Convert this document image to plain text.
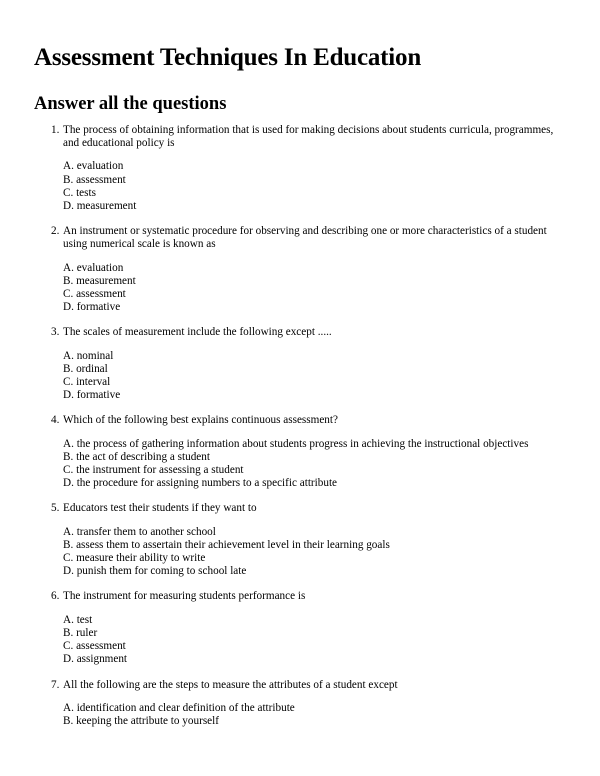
Assessment Techniques In Education
Answer all the questions
1. The process of obtaining information that is used for making decisions about students curricula, programmes, and educational policy is
A. evaluation
B. assessment
C. tests
D. measurement
2. An instrument or systematic procedure for observing and describing one or more characteristics of a student using numerical scale is known as
A. evaluation
B. measurement
C. assessment
D. formative
3. The scales of measurement include the following except .....
A. nominal
B. ordinal
C. interval
D. formative
4. Which of the following best explains continuous assessment?
A. the process of gathering information about students progress in achieving the instructional objectives
B. the act of describing a student
C. the instrument for assessing a student
D. the procedure for assigning numbers to a specific attribute
5. Educators test their students if they want to
A. transfer them to another school
B. assess them to assertain their achievement level in their learning goals
C. measure their ability to write
D. punish them for coming to school late
6. The instrument for measuring students performance is
A. test
B. ruler
C. assessment
D. assignment
7. All the following are the steps to measure the attributes of a student except
A. identification and clear definition of the attribute
B. keeping the attribute to yourself
